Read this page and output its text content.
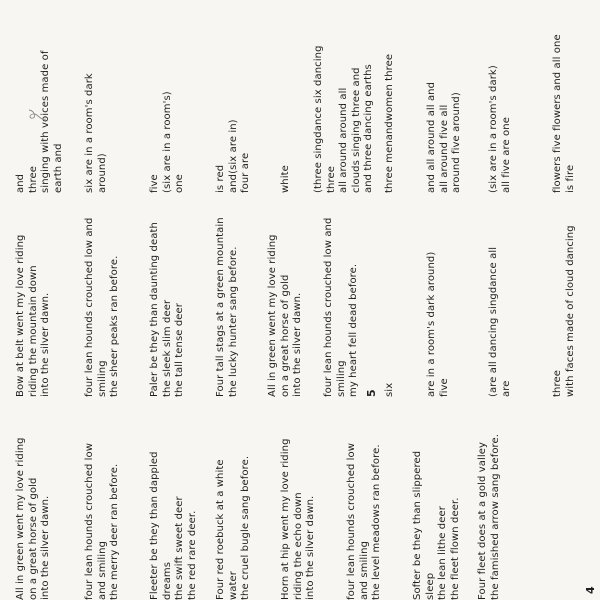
4
All in green went my love riding on a great horse of gold into the silver dawn.	four lean hounds crouched low and smiling the merry deer ran before.	Fleeter be they than dappled dreams the swift sweet deer the red rare deer. Four red roebuck at a white water the cruel bugle sang before.	Horn at hip went my love riding riding the echo down into the silver dawn.	four lean hounds crouched low and smiling the level meadows ran before.	Softer be they than slippered sleep the lean lithe deer the fleet flown deer. Four fleet does at a gold valley the famished arrow sang before.
Bow at belt went my love riding riding the mountain down into the silver dawn.	four lean hounds crouched low and smiling the sheer peaks ran before.	Paler be they than daunting death the sleek slim deer the tall tense deer	Four tall stags at a green mountain the lucky hunter sang before.	All in green went my love riding on a great horse of gold into the silver dawn. four lean hounds crouched low and smiling my heart fell dead before. 5 six	are in a room's dark around) five	(are all dancing singdance all are	three with faces made of cloud dancing
and three singing with voices made of earth and six are in a room's dark around)	five (six are in a room's) one	is red and(six are in) four are	white (three singdance six dancing three all around around all clouds singing three and and three dancing earths three menandwomen three	and all around all and all around five all around five around)	(six are in a room's dark) all five are one	flowers five flowers and all one is fire
